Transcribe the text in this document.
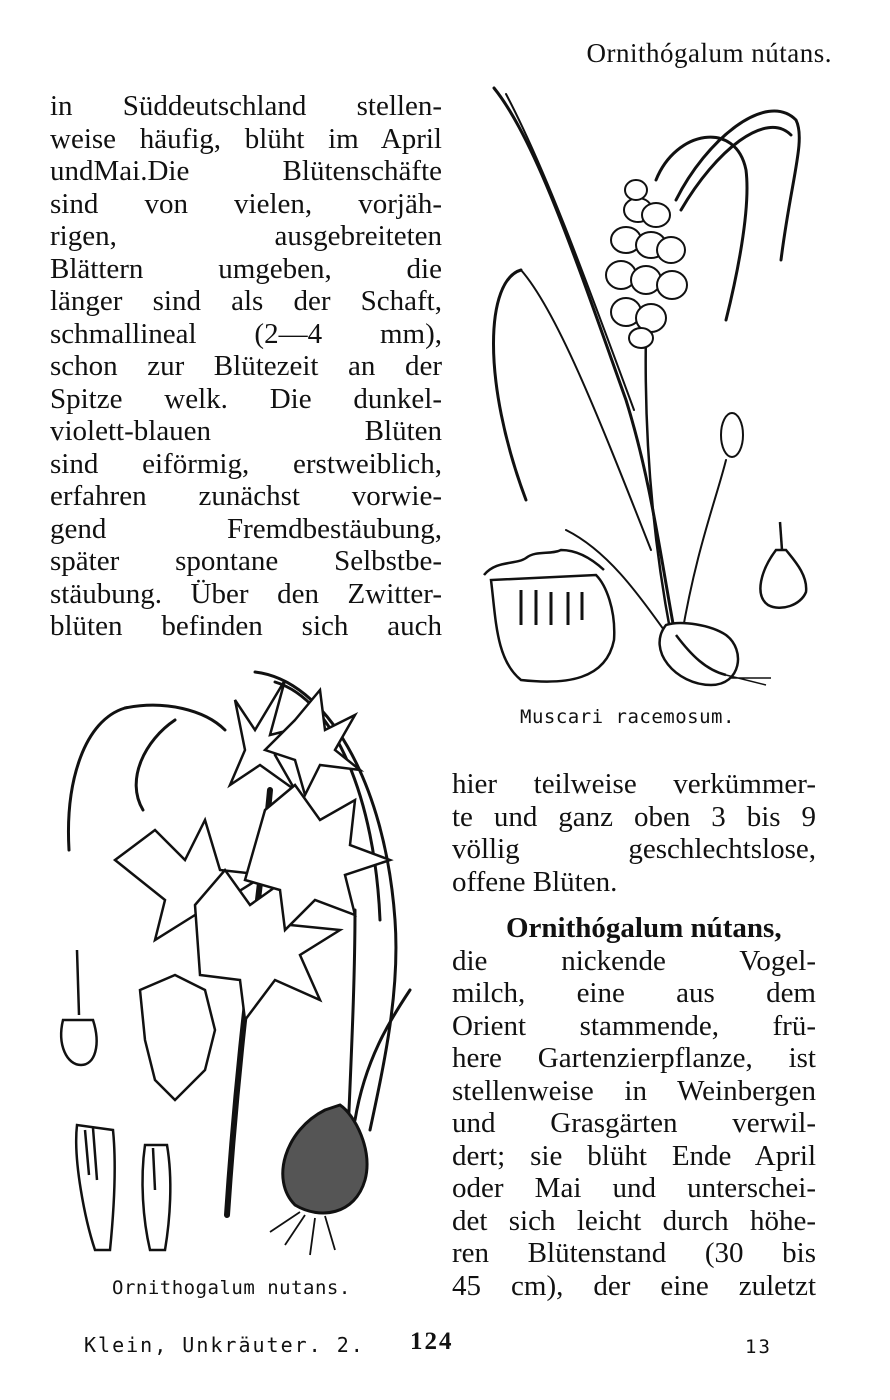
Ornithógalum nútans.
in Süddeutschland stellen-
weise häufig, blüht im April
undMai.Die Blütenschäfte
sind von vielen, vorjäh-
rigen, ausgebreiteten
Blättern umgeben, die
länger sind als der Schaft,
schmallineal (2—4 mm),
schon zur Blütezeit an der
Spitze welk. Die dunkel-
violett-blauen Blüten
sind eiförmig, erstweiblich,
erfahren zunächst vorwie-
gend Fremdbestäubung,
später spontane Selbstbe-
stäubung. Über den Zwitter-
blüten befinden sich auch
Muscari racemosum.
Ornithogalum nutans.
hier teilweise verkümmer-
te und ganz oben 3 bis 9
völlig geschlechtslose,
offene Blüten.
Ornithógalum nútans,
die nickende Vogel-
milch, eine aus dem
Orient stammende, frü-
here Gartenzierpflanze, ist
stellenweise in Weinbergen
und Grasgärten verwil-
dert; sie blüht Ende April
oder Mai und unterschei-
det sich leicht durch höhe-
ren Blütenstand (30 bis
45 cm), der eine zuletzt
Klein, Unkräuter. 2. 124	13
